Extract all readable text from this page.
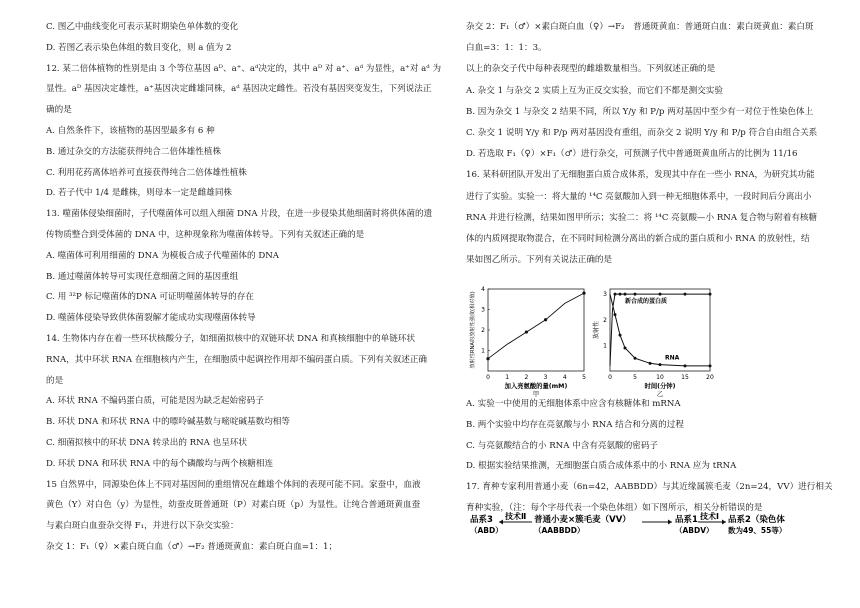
C. 图乙中曲线变化可表示某时期染色单体数的变化
D. 若图乙表示染色体组的数目变化，则 a 值为 2
12. 某二倍体植物的性别是由 3 个等位基因 aᴰ、a⁺、aᵈ决定的，其中 aᴰ 对 a⁺、aᵈ 为显性，a⁺对 aᵈ 为
显性。aᴰ 基因决定雄性，a⁺基因决定雌雄同株，aᵈ 基因决定雌性。若没有基因突变发生，下列说法正
确的是
A. 自然条件下，该植物的基因型最多有 6 种
B. 通过杂交的方法能获得纯合二倍体雄性植株
C. 利用花药离体培养可直接获得纯合二倍体雄性植株
D. 若子代中 1/4 是雌株，则母本一定是雌雄同株
13. 噬菌体侵染细菌时，子代噬菌体可以组入细菌 DNA 片段，在进一步侵染其他细菌时将供体菌的遗
传物质整合到受体菌的 DNA 中，这种现象称为噬菌体转导。下列有关叙述正确的是
A. 噬菌体可利用细菌的 DNA 为模板合成子代噬菌体的 DNA
B. 通过噬菌体转导可实现任意细菌之间的基因重组
C. 用 ³²P 标记噬菌体的DNA 可证明噬菌体转导的存在
D. 噬菌体侵染导致供体菌裂解才能成功实现噬菌体转导
14. 生物体内存在着一些环状核酸分子，如细菌拟核中的双链环状 DNA 和真核细胞中的单链环状
RNA，其中环状 RNA 在细胞核内产生，在细胞质中起调控作用却不编码蛋白质。下列有关叙述正确
的是
A. 环状 RNA 不编码蛋白质，可能是因为缺乏起始密码子
B. 环状 DNA 和环状 RNA 中的嘌呤碱基数与嘧啶碱基数均相等
C. 细菌拟核中的环状 DNA 转录出的 RNA 也呈环状
D. 环状 DNA 和环状 RNA 中的每个磷酸均与两个核糖相连
15 自然界中，同源染色体上不同对基因间的重组情况在雌雄个体间的表现可能不同。家蚕中，血液
黄色（Y）对白色（y）为显性，幼蚕皮斑普通斑（P）对素白斑（p）为显性。让纯合普通斑黄血蚕
与素白斑白血蚕杂交得 F₁，并进行以下杂交实验：
杂交 1：F₁（♀）×素白斑白血（♂）→F₂ 普通斑黄血：素白斑白血=1：1；
杂交 2：F₁（♂）×素白斑白血（♀）→F₂　普通斑黄血：普通斑白血：素白斑黄血：素白斑
白血=3：1：1：3。
以上的杂交子代中每种表现型的雌雄数量相当。下列叙述正确的是
A. 杂交 1 与杂交 2 实质上互为正反交实验，而它们不都是测交实验
B. 因为杂交 1 与杂交 2 结果不同，所以 Y/y 和 P/p 两对基因中至少有一对位于性染色体上
C. 杂交 1 说明 Y/y 和 P/p 两对基因没有重组，而杂交 2 说明 Y/y 和 P/p 符合自由组合关系
D. 若选取 F₁（♀）×F₁（♂）进行杂交，可预测子代中普通斑黄血所占的比例为 11/16
16. 某科研团队开发出了无细胞蛋白质合成体系，发现其中存在一些小 RNA，为研究其功能
进行了实验。实验一：将大量的 ¹⁴C 亮氨酸加入到一种无细胞体系中，一段时间后分离出小
RNA 并进行检测，结果如图甲所示；实验二：将 ¹⁴C 亮氨酸—小 RNA 复合物与附着有核糖
体的内质网提取物混合，在不同时间检测分离出的新合成的蛋白质和小 RNA 的放射性，结
果如图乙所示。下列有关说法正确的是
A. 实验一中使用的无细胞体系中应含有核糖体和 mRNA
B. 两个实验中均存在亮氨酸与小 RNA 结合和分离的过程
C. 与亮氨酸结合的小 RNA 中含有亮氨酸的密码子
D. 根据实验结果推测，无细胞蛋白质合成体系中的小 RNA 应为 tRNA
17. 育种专家利用普通小麦（6n=42，AABBDD）与其近缘属簇毛麦（2n=24，VV）进行相关
育种实验，（注：每个字母代表一个染色体组）如下图所示，相关分析错误的是
0	1	2	3	4	5
1
2
3
4
加入亮氨酸的量(mM)
甲
放射性RNA的放射性强度(相对值)
0	5	10	15	20
1
2
3
新合成的蛋白质
RNA
时间(分钟)
乙
放射性
品系3 （ABD）
普通小麦×簇毛麦（VV）（AABBDD）
品系1 （ABDV）
品系2（染色体数为49、55等）
技术Ⅱ	技术Ⅰ
